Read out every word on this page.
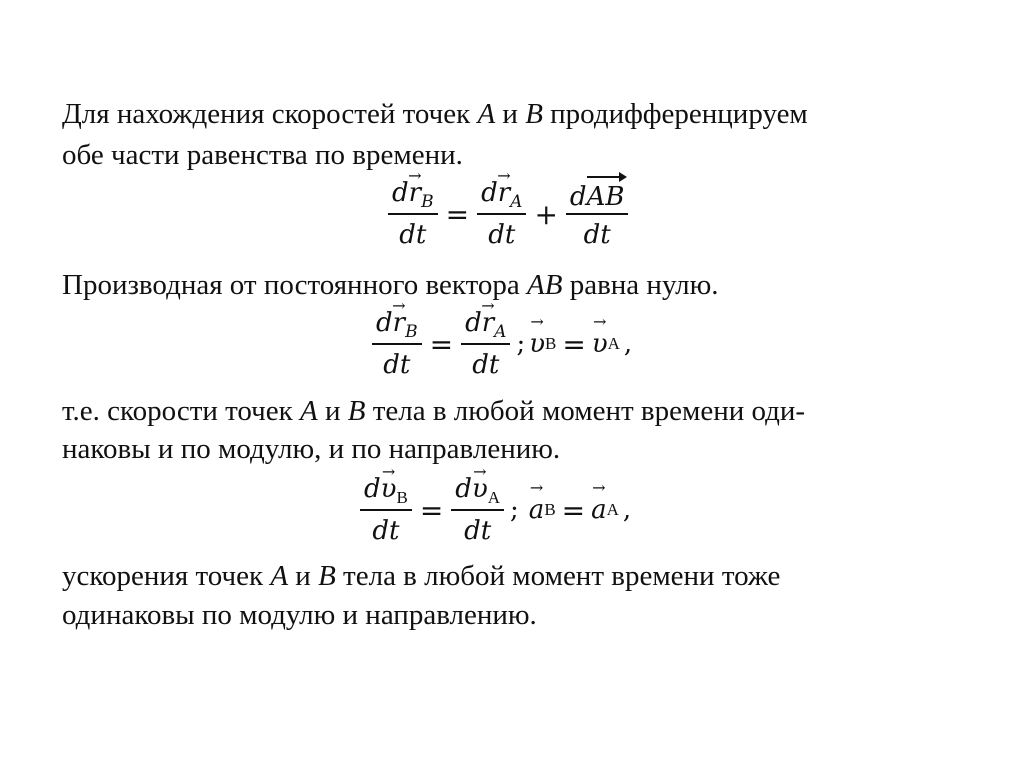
Для нахождения скоростей точек A и B продифференцируем
обе части равенства по времени.
$\frac{d\to r_B}{dt} = \frac{d\to r_A}{dt} + \frac{\text{dAB}}{dt}$
Производная от постоянного вектора AB равна нулю.
$\frac{d\to r_B}{dt} = \frac{d\to r_A}{dt}$ ; → υ В = → υ А ,
т.е. скорости точек A и B тела в любой момент времени оди-
наковы и по модулю, и по направлению.
$\frac{d\to \upsilon_В}{dt} = \frac{d\to \upsilon_А}{dt}$ ; → a В = → a А ,
ускорения точек A и B тела в любой момент времени тоже
одинаковы по модулю и направлению.
